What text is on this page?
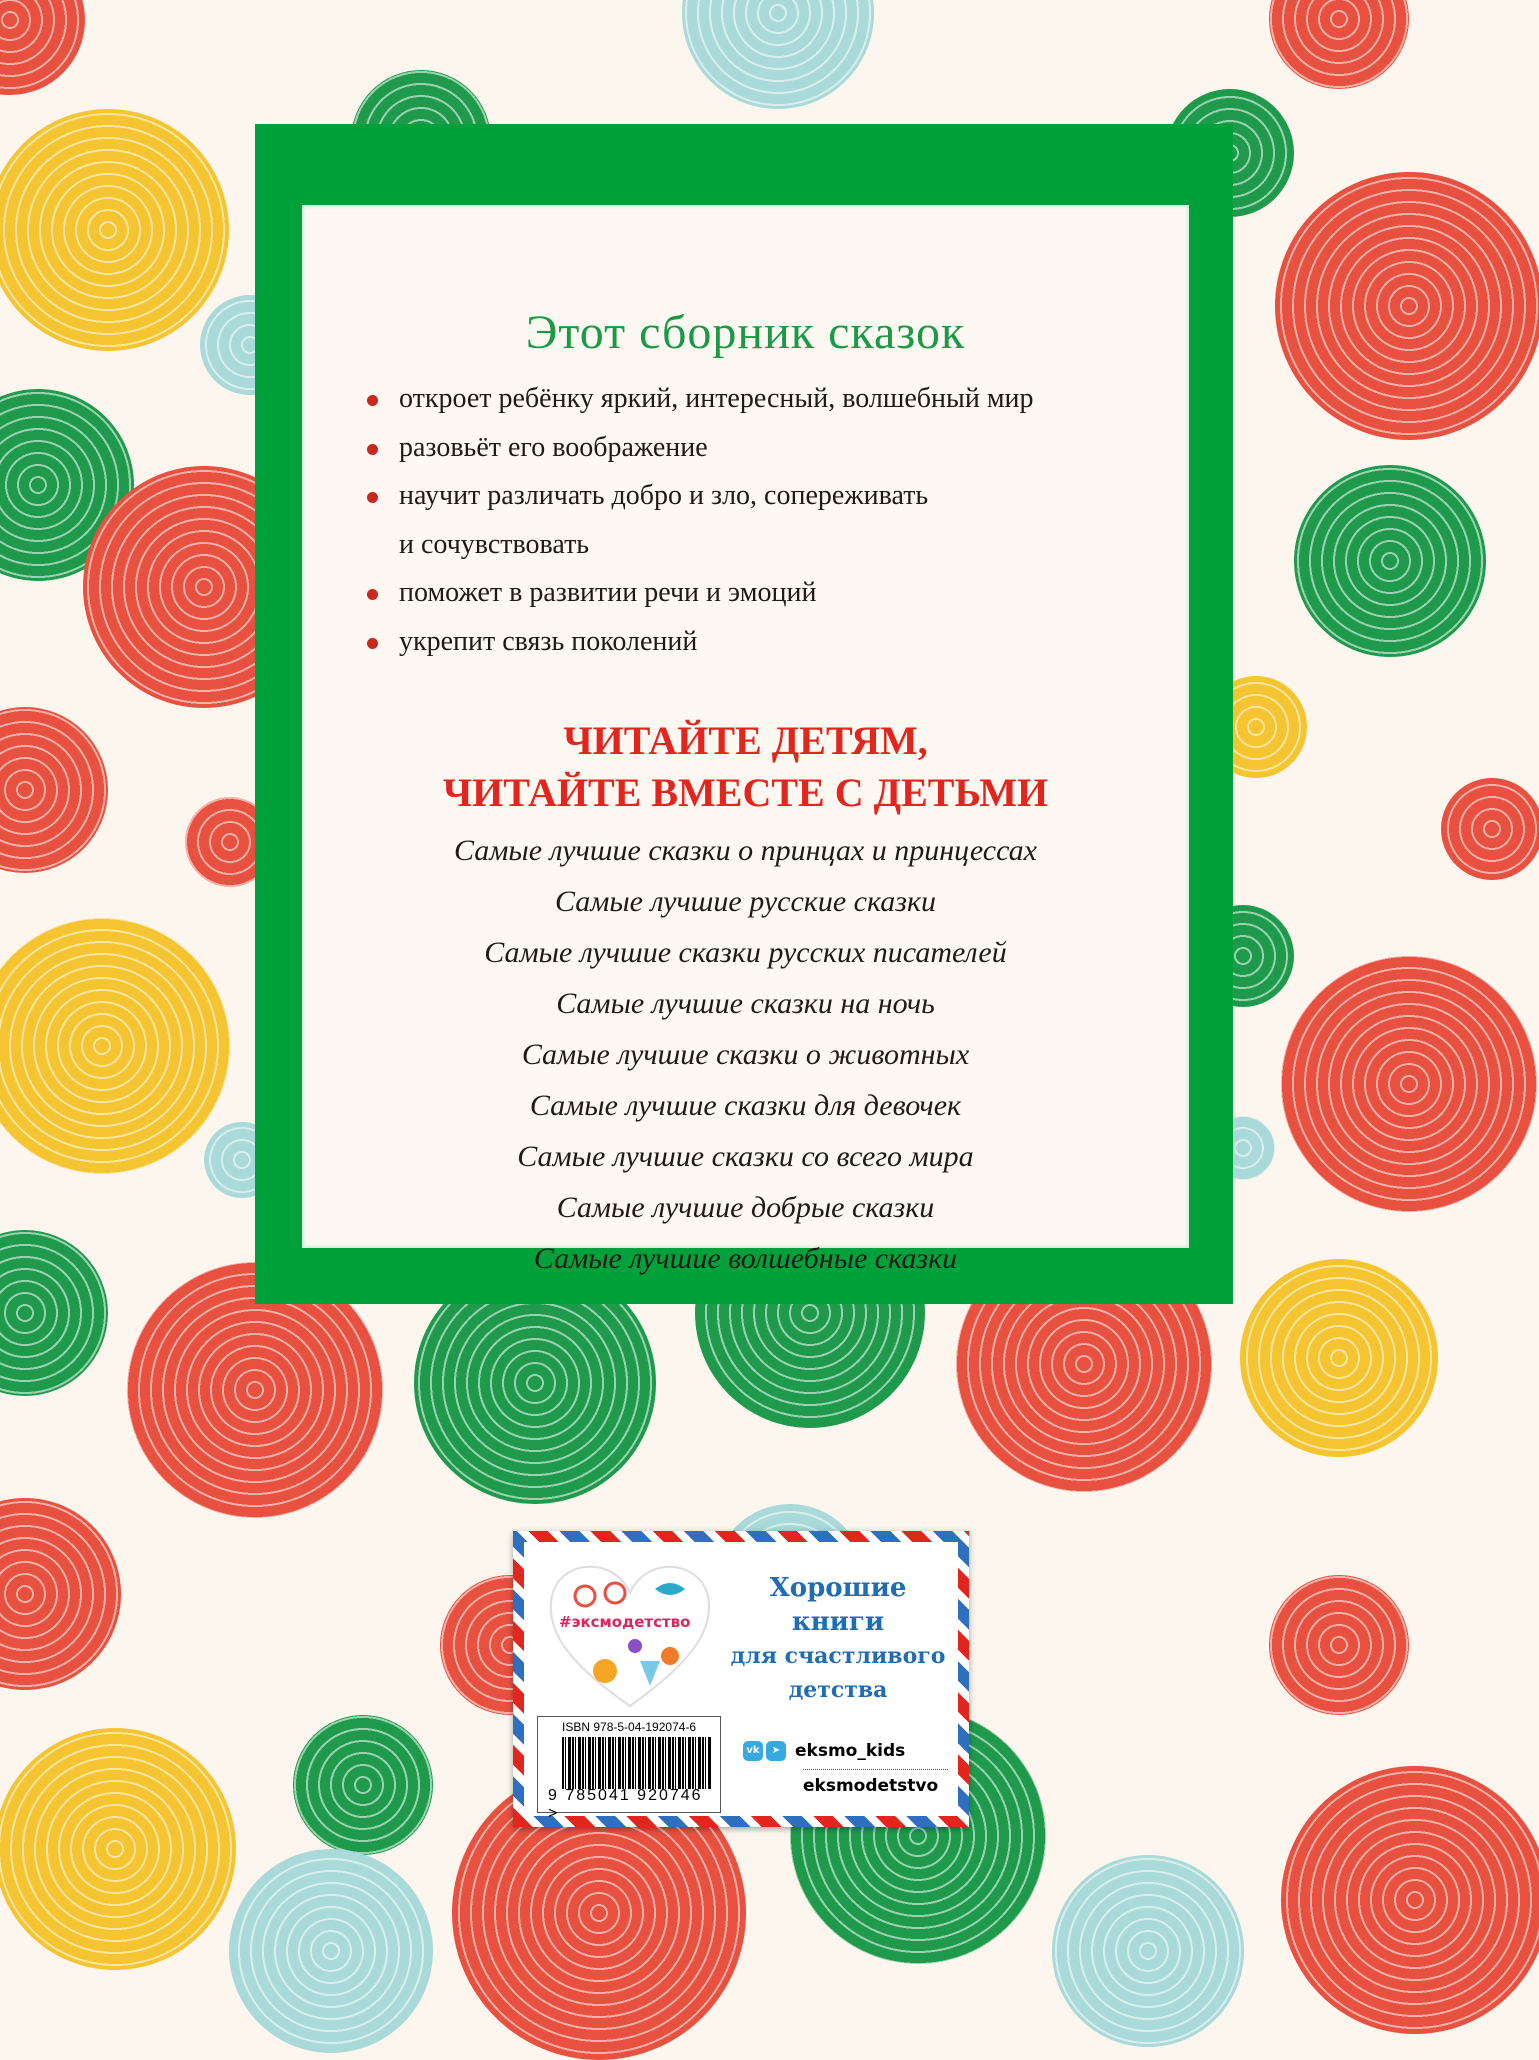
Этот сборник сказок
откроет ребёнку яркий, интересный, волшебный мир
разовьёт его воображение
научит различать добро и зло, сопереживать
и сочувствовать
поможет в развитии речи и эмоций
укрепит связь поколений
ЧИТАЙТЕ ДЕТЯМ,
ЧИТАЙТЕ ВМЕСТЕ С ДЕТЬМИ
Самые лучшие сказки о принцах и принцессах
Самые лучшие русские сказки
Самые лучшие сказки русских писателей
Самые лучшие сказки на ночь
Самые лучшие сказки о животных
Самые лучшие сказки для девочек
Самые лучшие сказки со всего мира
Самые лучшие добрые сказки
Самые лучшие волшебные сказки
#эксмодетство
Хорошие
книги
для счастливого
детства
ISBN 978-5-04-192074-6
9 785041 920746 >
vk ➤ eksmo_kids
eksmodetstvo
